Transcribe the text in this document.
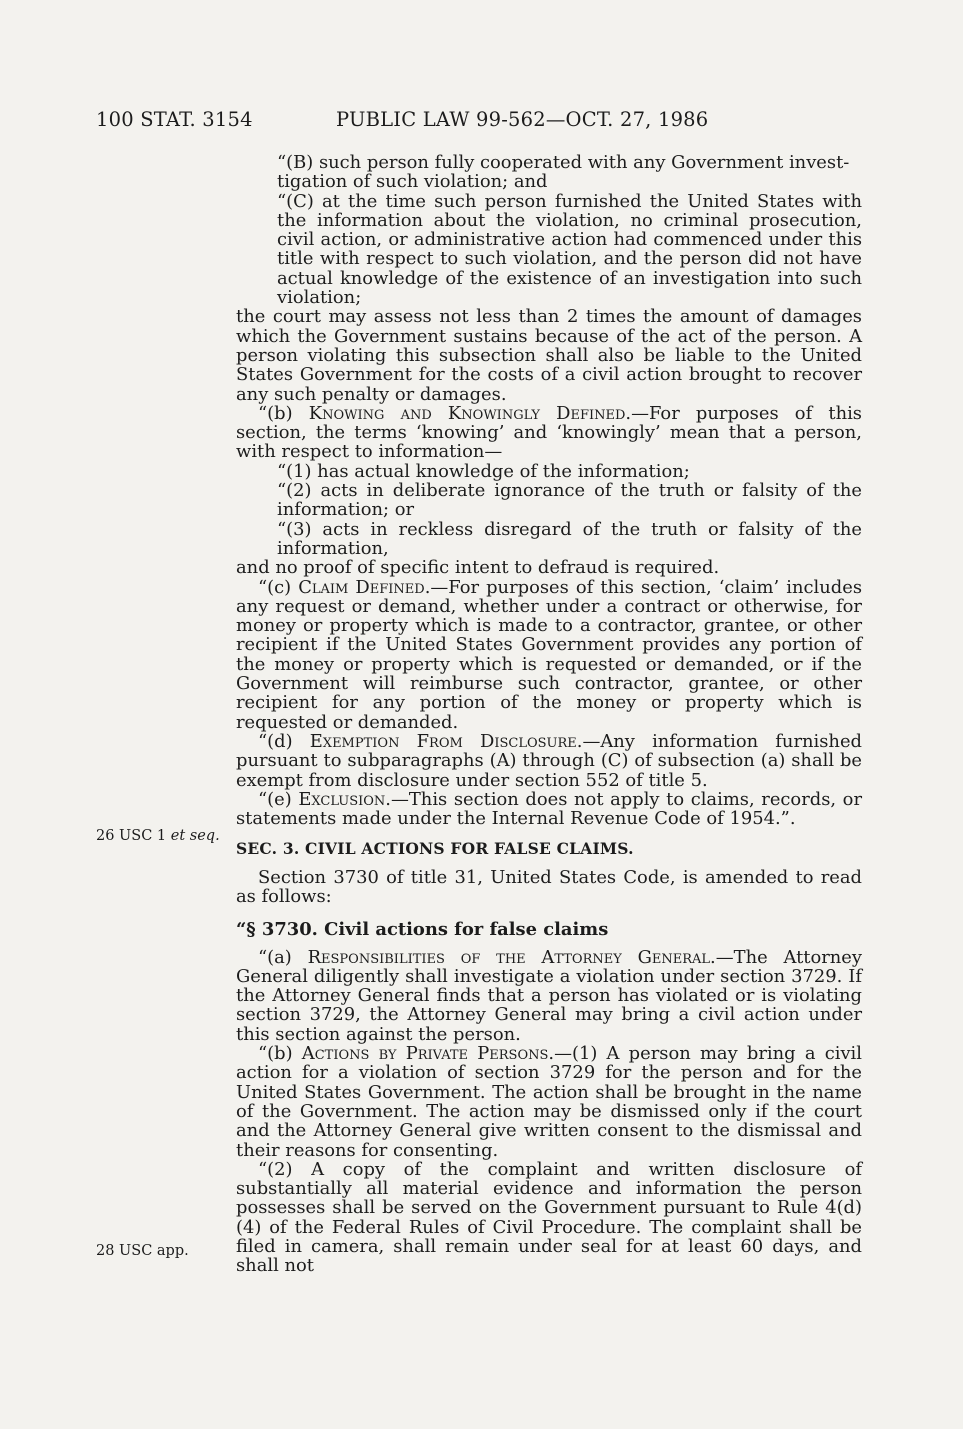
100 STAT. 3154	PUBLIC LAW 99-562—OCT. 27, 1986
26 USC 1 et seq.
28 USC app.

“(B) such person fully cooperated with any Government invest-

tigation of such violation; and

“(C) at the time such person furnished the United States with the information about the violation, no criminal prosecution, civil action, or administrative action had commenced under this title with respect to such violation, and the person did not have actual knowledge of the existence of an investigation into such violation;

the court may assess not less than 2 times the amount of damages which the Government sustains because of the act of the person. A person violating this subsection shall also be liable to the United States Government for the costs of a civil action brought to recover any such penalty or damages.

“(b) Knowing and Knowingly Defined.—For purposes of this section, the terms ‘knowing’ and ‘knowingly’ mean that a person, with respect to information—

“(1) has actual knowledge of the information;

“(2) acts in deliberate ignorance of the truth or falsity of the information; or

“(3) acts in reckless disregard of the truth or falsity of the information,

and no proof of specific intent to defraud is required.

“(c) Claim Defined.—For purposes of this section, ‘claim’ includes any request or demand, whether under a contract or otherwise, for money or property which is made to a contractor, grantee, or other recipient if the United States Government provides any portion of the money or property which is requested or demanded, or if the Government will reimburse such contractor, grantee, or other recipient for any portion of the money or property which is requested or demanded.

“(d) Exemption From Disclosure.—Any information furnished pursuant to subparagraphs (A) through (C) of subsection (a) shall be exempt from disclosure under section 552 of title 5.

“(e) Exclusion.—This section does not apply to claims, records, or statements made under the Internal Revenue Code of 1954.”.

SEC. 3. CIVIL ACTIONS FOR FALSE CLAIMS.

Section 3730 of title 31, United States Code, is amended to read as follows:

“§ 3730. Civil actions for false claims

“(a) Responsibilities of the Attorney General.—The Attorney General diligently shall investigate a violation under section 3729. If the Attorney General finds that a person has violated or is violating section 3729, the Attorney General may bring a civil action under this section against the person.

“(b) Actions by Private Persons.—(1) A person may bring a civil action for a violation of section 3729 for the person and for the United States Government. The action shall be brought in the name of the Government. The action may be dismissed only if the court and the Attorney General give written consent to the dismissal and their reasons for consenting.

“(2) A copy of the complaint and written disclosure of substantially all material evidence and information the person possesses shall be served on the Government pursuant to Rule 4(d)(4) of the Federal Rules of Civil Procedure. The complaint shall be filed in camera, shall remain under seal for at least 60 days, and shall not
